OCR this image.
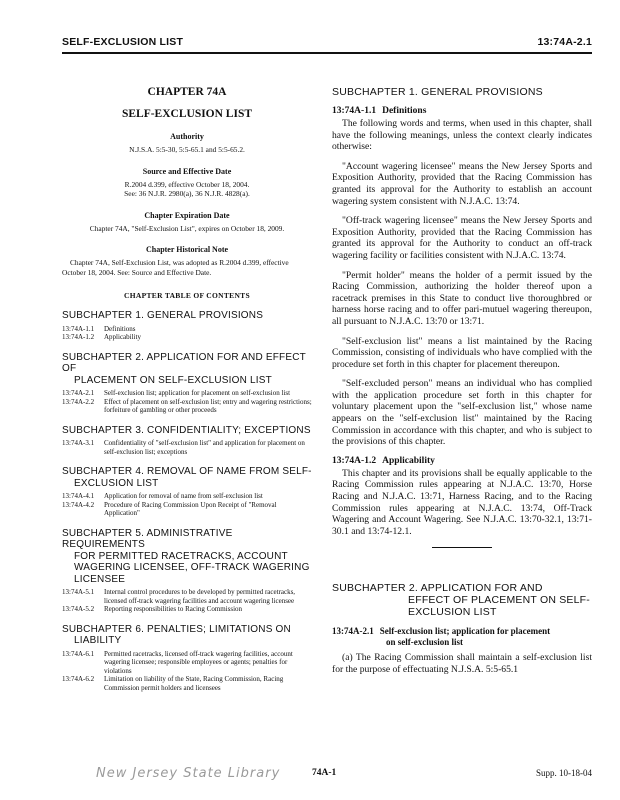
SELF-EXCLUSION LIST	13:74A-2.1

CHAPTER 74A

SELF-EXCLUSION LIST

Authority

N.J.S.A. 5:5-30, 5:5-65.1 and 5:5-65.2.

Source and Effective Date

R.2004 d.399, effective October 18, 2004.

See: 36 N.J.R. 2980(a), 36 N.J.R. 4828(a).

Chapter Expiration Date

Chapter 74A, "Self-Exclusion List", expires on October 18, 2009.

Chapter Historical Note

Chapter 74A, Self-Exclusion List, was adopted as R.2004 d.399, effective October 18, 2004. See: Source and Effective Date.

CHAPTER TABLE OF CONTENTS

SUBCHAPTER 1. GENERAL PROVISIONS

13:74A-1.1	Definitions
13:74A-1.2	Applicability

SUBCHAPTER 2. APPLICATION FOR AND EFFECT OF
PLACEMENT ON SELF-EXCLUSION LIST

13:74A-2.1	Self-exclusion list; application for placement on self-exclusion list
13:74A-2.2	Effect of placement on self-exclusion list; entry and wagering restrictions; forfeiture of gambling or other proceeds

SUBCHAPTER 3. CONFIDENTIALITY; EXCEPTIONS

13:74A-3.1	Confidentiality of "self-exclusion list" and application for placement on self-exclusion list; exceptions

SUBCHAPTER 4. REMOVAL OF NAME FROM SELF-
EXCLUSION LIST

13:74A-4.1	Application for removal of name from self-exclusion list
13:74A-4.2	Procedure of Racing Commission Upon Receipt of "Removal Application"

SUBCHAPTER 5. ADMINISTRATIVE REQUIREMENTS
FOR PERMITTED RACETRACKS, ACCOUNT
WAGERING LICENSEE, OFF-TRACK WAGERING LICENSEE

13:74A-5.1	Internal control procedures to be developed by permitted racetracks, licensed off-track wagering facilities and account wagering licensee
13:74A-5.2	Reporting responsibilities to Racing Commission

SUBCHAPTER 6. PENALTIES; LIMITATIONS ON
LIABILITY

13:74A-6.1	Permitted racetracks, licensed off-track wagering facilities, account wagering licensee; responsible employees or agents; penalties for violations
13:74A-6.2	Limitation on liability of the State, Racing Commission, Racing Commission permit holders and licensees

SUBCHAPTER 1. GENERAL PROVISIONS

13:74A-1.1 Definitions

The following words and terms, when used in this chapter, shall have the following meanings, unless the context clearly indicates otherwise:

"Account wagering licensee" means the New Jersey Sports and Exposition Authority, provided that the Racing Commission has granted its approval for the Authority to establish an account wagering system consistent with N.J.A.C. 13:74.

"Off-track wagering licensee" means the New Jersey Sports and Exposition Authority, provided that the Racing Commission has granted its approval for the Authority to conduct an off-track wagering facility or facilities consistent with N.J.A.C. 13:74.

"Permit holder" means the holder of a permit issued by the Racing Commission, authorizing the holder thereof upon a racetrack premises in this State to conduct live thoroughbred or harness horse racing and to offer pari-mutuel wagering thereupon, all pursuant to N.J.A.C. 13:70 or 13:71.

"Self-exclusion list" means a list maintained by the Racing Commission, consisting of individuals who have complied with the procedure set forth in this chapter for placement thereupon.

"Self-excluded person" means an individual who has complied with the application procedure set forth in this chapter for voluntary placement upon the "self-exclusion list," whose name appears on the "self-exclusion list" maintained by the Racing Commission in accordance with this chapter, and who is subject to the provisions of this chapter.

13:74A-1.2 Applicability

This chapter and its provisions shall be equally applicable to the Racing Commission rules appearing at N.J.A.C. 13:70, Horse Racing and N.J.A.C. 13:71, Harness Racing, and to the Racing Commission rules appearing at N.J.A.C. 13:74, Off-Track Wagering and Account Wagering. See N.J.A.C. 13:70-32.1, 13:71-30.1 and 13:74-12.1.

SUBCHAPTER 2. APPLICATION FOR AND
EFFECT OF PLACEMENT ON SELF-
EXCLUSION LIST

13:74A-2.1 Self-exclusion list; application for placement
on self-exclusion list

(a) The Racing Commission shall maintain a self-exclusion list for the purpose of effectuating N.J.S.A. 5:5-65.1

New Jersey State Library	74A-1	Supp. 10-18-04
